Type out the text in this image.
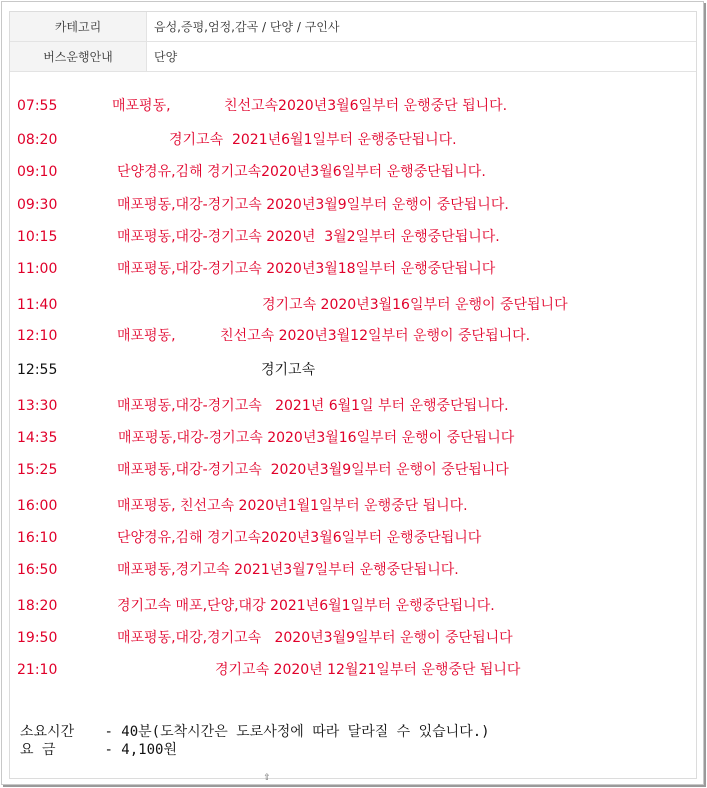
카테고리	음성,증평,엄정,감곡 / 단양 / 구인사
버스운행안내	단양
07:55	매포평동,            친선고속2020년3월6일부터 운행중단 됩니다.
08:20	경기고속  2021년6월1일부터 운행중단됩니다.
09:10	단양경유,김해 경기고속2020년3월6일부터 운행중단됩니다.
09:30	매포평동,대강-경기고속 2020년3월9일부터 운행이 중단됩니다.
10:15	매포평동,대강-경기고속 2020년  3월2일부터 운행중단됩니다.
11:00	매포평동,대강-경기고속 2020년3월18일부터 운행중단됩니다
11:40	경기고속 2020년3월16일부터 운행이 중단됩니다
12:10	매포평동,          친선고속 2020년3월12일부터 운행이 중단됩니다.
12:55	경기고속
13:30	매포평동,대강-경기고속   2021년 6월1일 부터 운행중단됩니다.
14:35	매포평동,대강-경기고속 2020년3월16일부터 운행이 중단됩니다
15:25	매포평동,대강-경기고속  2020년3월9일부터 운행이 중단됩니다
16:00	매포평동, 친선고속 2020년1월1일부터 운행중단 됩니다.
16:10	단양경유,김해 경기고속2020년3월6일부터 운행중단됩니다
16:50	매포평동,경기고속 2021년3월7일부터 운행중단됩니다.
18:20	경기고속 매포,단양,대강 2021년6월1일부터 운행중단됩니다.
19:50	매포평동,대강,경기고속   2020년3월9일부터 운행이 중단됩니다
21:10	경기고속 2020년 12월21일부터 운행중단 됩니다
소요시간 - 40분(도착시간은 도로사정에 따라 달라질 수 있습니다.)
요 금	- 4,100원
⇧
